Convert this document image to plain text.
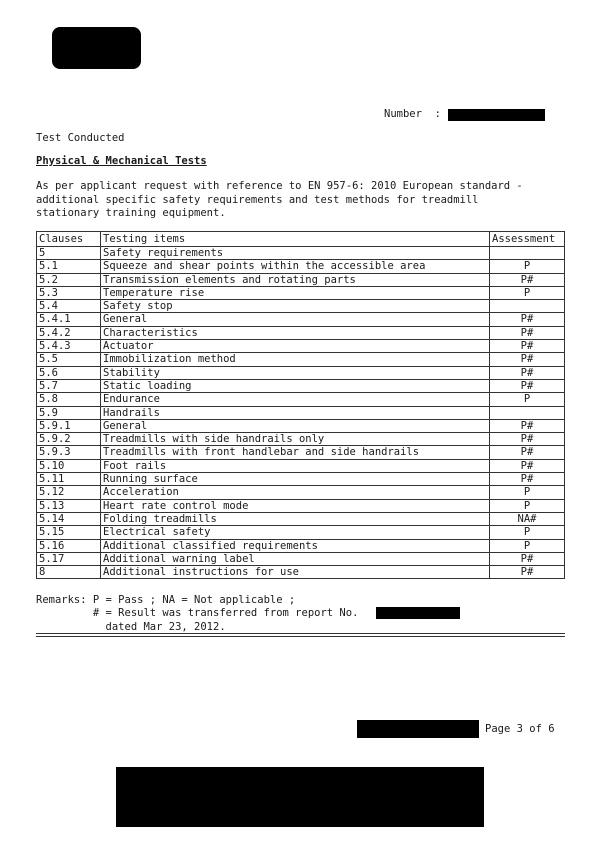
Number  :
Test Conducted
Physical & Mechanical Tests
As per applicant request with reference to EN 957-6: 2010 European standard -
additional specific safety requirements and test methods for treadmill
stationary training equipment.
Clauses	Testing items	Assessment
5	Safety requirements	
5.1	Squeeze and shear points within the accessible area	P
5.2	Transmission elements and rotating parts	P#
5.3	Temperature rise	P
5.4	Safety stop	
5.4.1	General	P#
5.4.2	Characteristics	P#
5.4.3	Actuator	P#
5.5	Immobilization method	P#
5.6	Stability	P#
5.7	Static loading	P#
5.8	Endurance	P
5.9	Handrails	
5.9.1	General	P#
5.9.2	Treadmills with side handrails only	P#
5.9.3	Treadmills with front handlebar and side handrails	P#
5.10	Foot rails	P#
5.11	Running surface	P#
5.12	Acceleration	P
5.13	Heart rate control mode	P
5.14	Folding treadmills	NA#
5.15	Electrical safety	P
5.16	Additional classified requirements	P
5.17	Additional warning label	P#
8	Additional instructions for use	P#
Remarks: P = Pass ; NA = Not applicable ;
# = Result was transferred from report No.
dated Mar 23, 2012.
Page 3 of 6
